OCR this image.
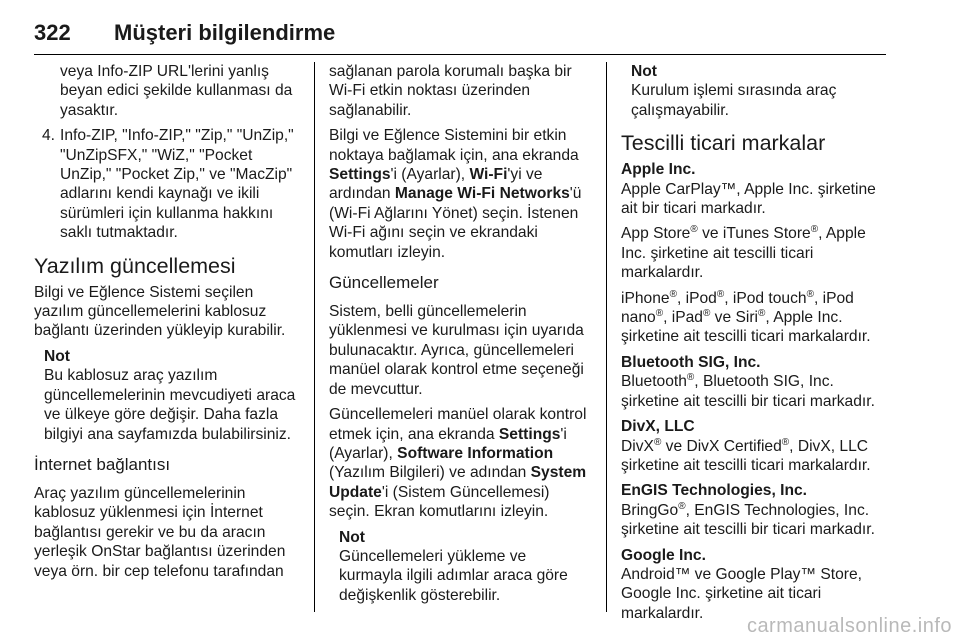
322 Müşteri bilgilendirme

veya Info-ZIP URL'lerini yanlış beyan edici şekilde kullanması da yasaktır.

4. Info-ZIP, "Info-ZIP," "Zip," "UnZip," "UnZipSFX," "WiZ," "Pocket UnZip," "Pocket Zip," ve "MacZip" adlarını kendi kaynağı ve ikili sürümleri için kullanma hakkını saklı tutmaktadır.
Yazılım güncellemesi

Bilgi ve Eğlence Sistemi seçilen yazılım güncellemelerini kablosuz bağlantı üzerinden yükleyip kurabilir.

Not
Bu kablosuz araç yazılım güncellemelerinin mevcudiyeti araca ve ülkeye göre değişir. Daha fazla bilgiyi ana sayfamızda bulabilirsiniz.
İnternet bağlantısı

Araç yazılım güncellemelerinin kablosuz yüklenmesi için İnternet bağlantısı gerekir ve bu da aracın yerleşik OnStar bağlantısı üzerinden veya örn. bir cep telefonu tarafından

sağlanan parola korumalı başka bir Wi-Fi etkin noktası üzerinden sağlanabilir.

Bilgi ve Eğlence Sistemini bir etkin noktaya bağlamak için, ana ekranda Settings'i (Ayarlar), Wi-Fi'yi ve ardından Manage Wi-Fi Networks'ü (Wi-Fi Ağlarını Yönet) seçin. İstenen Wi-Fi ağını seçin ve ekrandaki komutları izleyin.

Güncellemeler

Sistem, belli güncellemelerin yüklenmesi ve kurulması için uyarıda bulunacaktır. Ayrıca, güncellemeleri manüel olarak kontrol etme seçeneği de mevcuttur.

Güncellemeleri manüel olarak kontrol etmek için, ana ekranda Settings'i (Ayarlar), Software Information (Yazılım Bilgileri) ve adından System Update'i (Sistem Güncellemesi) seçin. Ekran komutlarını izleyin.

Not
Güncellemeleri yükleme ve kurmayla ilgili adımlar araca göre değişkenlik gösterebilir.
Not
Kurulum işlemi sırasında araç çalışmayabilir.
Tescilli ticari markalar
Apple Inc.

Apple CarPlay™, Apple Inc. şirketine ait bir ticari markadır.

App Store® ve iTunes Store®, Apple Inc. şirketine ait tescilli ticari markalardır.

iPhone®, iPod®, iPod touch®, iPod nano®, iPad® ve Siri®, Apple Inc. şirketine ait tescilli ticari markalardır.

Bluetooth SIG, Inc.

Bluetooth®, Bluetooth SIG, Inc. şirketine ait tescilli bir ticari markadır.

DivX, LLC

DivX® ve DivX Certified®, DivX, LLC şirketine ait tescilli ticari markalardır.

EnGIS Technologies, Inc.

BringGo®, EnGIS Technologies, Inc. şirketine ait tescilli bir ticari markadır.

Google Inc.

Android™ ve Google Play™ Store, Google Inc. şirketine ait ticari markalardır.

carmanualsonline.info
